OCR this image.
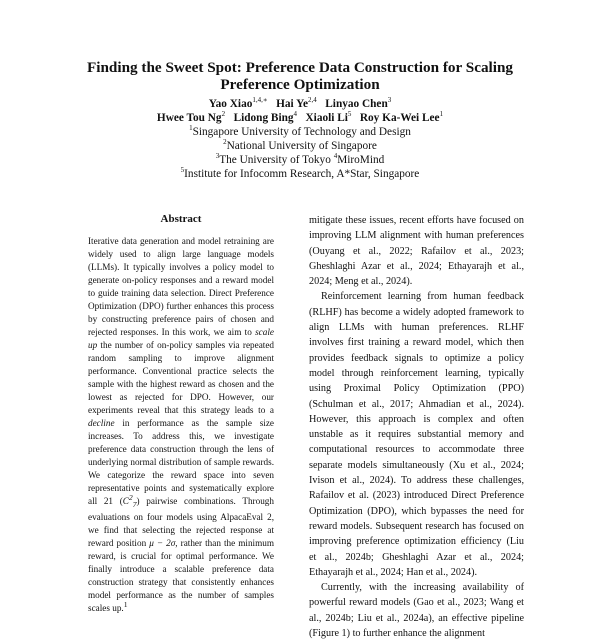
Finding the Sweet Spot: Preference Data Construction for Scaling Preference Optimization
Yao Xiao$^{1,4,∗}$ Hai Ye$^{2,4}$ Linyao Chen$^3$
Hwee Tou Ng$^2$ Lidong Bing$^4$ Xiaoli Li$^5$ Roy Ka-Wei Lee$^1$
$^1$Singapore University of Technology and Design
$^2$National University of Singapore
$^3$The University of Tokyo $^4$MiroMind
$^5$Institute for Infocomm Research, A*Star, Singapore
Abstract

Iterative data generation and model retraining are widely used to align large language models (LLMs). It typically involves a policy model to generate on-policy responses and a reward model to guide training data selection. Direct Preference Optimization (DPO) further enhances this process by constructing preference pairs of chosen and rejected responses. In this work, we aim to scale up the number of on-policy samples via repeated random sampling to improve alignment performance. Conventional practice selects the sample with the highest reward as chosen and the lowest as rejected for DPO. However, our experiments reveal that this strategy leads to a decline in performance as the sample size increases. To address this, we investigate preference data construction through the lens of underlying normal distribution of sample rewards. We categorize the reward space into seven representative points and systematically explore all 21 $(C^2_7)$ pairwise combinations. Through evaluations on four models using AlpacaEval 2, we find that selecting the rejected response at reward position μ − 2σ, rather than the minimum reward, is crucial for optimal performance. We finally introduce a scalable preference data construction strategy that consistently enhances model performance as the number of samples scales up.$^1$

mitigate these issues, recent efforts have focused on improving LLM alignment with human preferences (Ouyang et al., 2022; Rafailov et al., 2023; Gheshlaghi Azar et al., 2024; Ethayarajh et al., 2024; Meng et al., 2024).

Reinforcement learning from human feedback (RLHF) has become a widely adopted framework to align LLMs with human preferences. RLHF involves first training a reward model, which then provides feedback signals to optimize a policy model through reinforcement learning, typically using Proximal Policy Optimization (PPO) (Schulman et al., 2017; Ahmadian et al., 2024). However, this approach is complex and often unstable as it requires substantial memory and computational resources to accommodate three separate models simultaneously (Xu et al., 2024; Ivison et al., 2024). To address these challenges, Rafailov et al. (2023) introduced Direct Preference Optimization (DPO), which bypasses the need for reward models. Subsequent research has focused on improving preference optimization efficiency (Liu et al., 2024b; Gheshlaghi Azar et al., 2024; Ethayarajh et al., 2024; Han et al., 2024).

Currently, with the increasing availability of powerful reward models (Gao et al., 2023; Wang et al., 2024b; Liu et al., 2024a), an effective pipeline (Figure 1) to further enhance the alignment
